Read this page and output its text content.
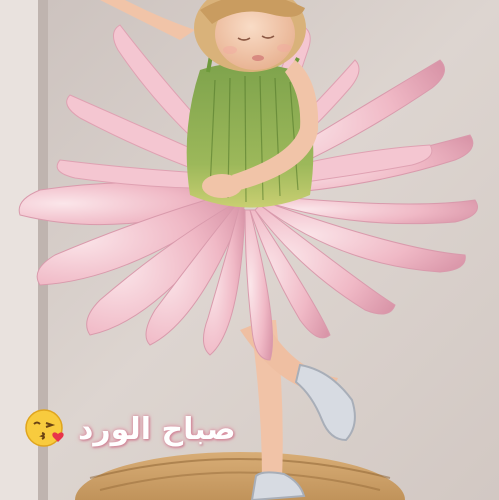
صباح الورد
